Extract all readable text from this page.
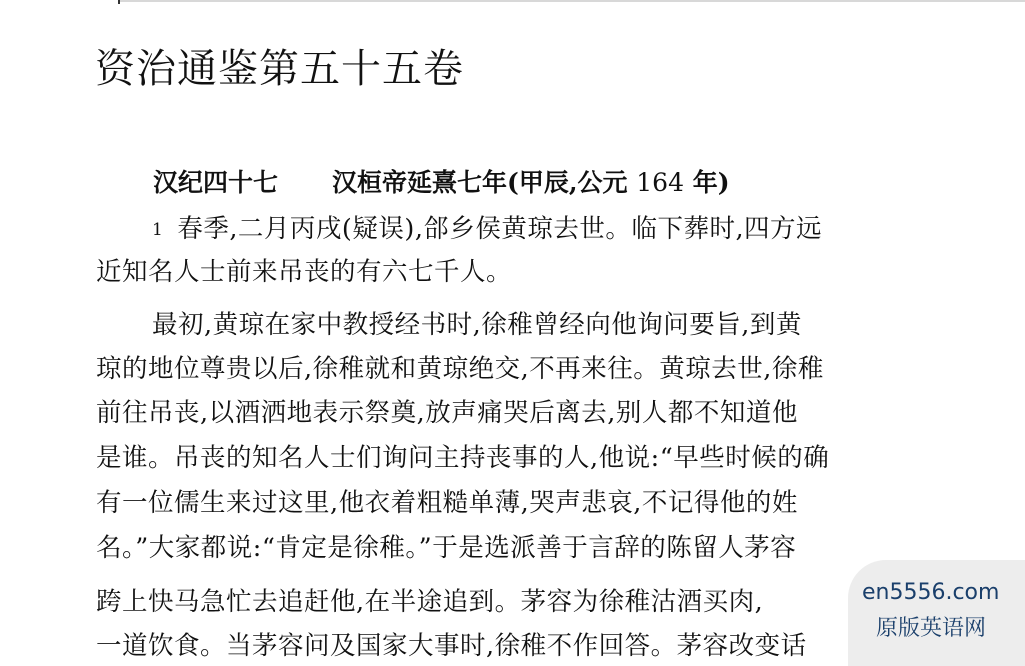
资治通鉴第五十五卷
汉纪四十七 汉桓帝延熹七年(甲辰,公元 164 年)
1 春季,二月丙戌(疑误),郃乡侯黄琼去世。临下葬时,四方远
近知名人士前来吊丧的有六七千人。
最初,黄琼在家中教授经书时,徐稚曾经向他询问要旨,到黄
琼的地位尊贵以后,徐稚就和黄琼绝交,不再来往。黄琼去世,徐稚
前往吊丧,以酒洒地表示祭奠,放声痛哭后离去,别人都不知道他
是谁。吊丧的知名人士们询问主持丧事的人,他说:“早些时候的确
有一位儒生来过这里,他衣着粗糙单薄,哭声悲哀,不记得他的姓
名。”大家都说:“肯定是徐稚。”于是选派善于言辞的陈留人茅容
跨上快马急忙去追赶他,在半途追到。茅容为徐稚沽酒买肉,
一道饮食。当茅容问及国家大事时,徐稚不作回答。茅容改变话
en5556.com
原版英语网
